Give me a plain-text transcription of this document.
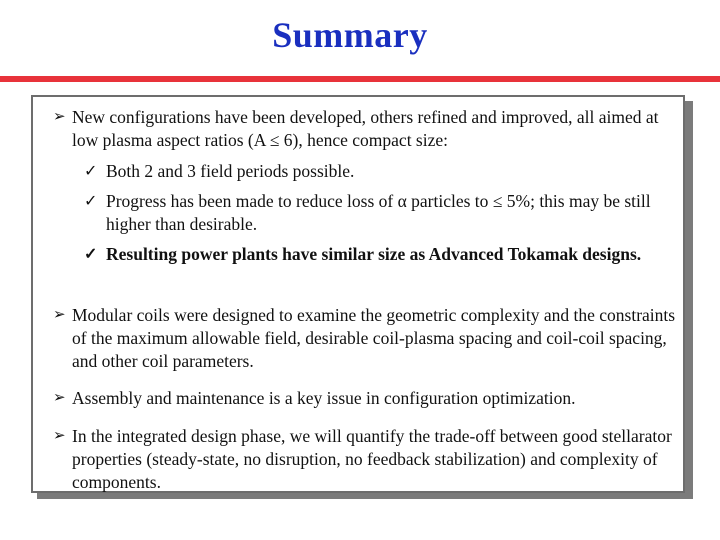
Summary
➢ New configurations have been developed, others refined and improved, all aimed at low plasma aspect ratios (A ≤ 6), hence compact size:
✓ Both 2 and 3 field periods possible.
✓ Progress has been made to reduce loss of α particles to ≤ 5%; this may be still higher than desirable.
✓ Resulting power plants have similar size as Advanced Tokamak designs.
➢ Modular coils were designed to examine the geometric complexity and the constraints of the maximum allowable field, desirable coil-plasma spacing and coil-coil spacing, and other coil parameters.
➢ Assembly and maintenance is a key issue in configuration optimization.
➢ In the integrated design phase, we will quantify the trade-off between good stellarator properties (steady-state, no disruption, no feedback stabilization) and complexity of components.
